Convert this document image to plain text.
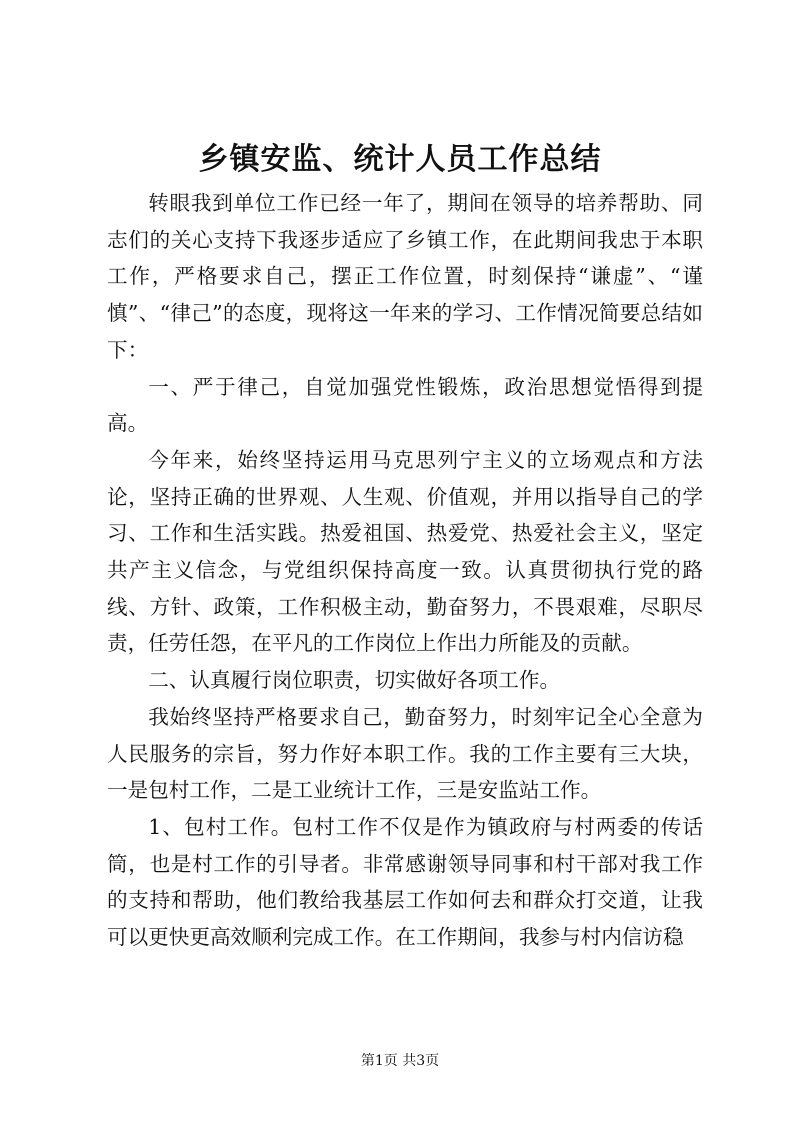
乡镇安监、统计人员工作总结

转眼我到单位工作已经一年了，期间在领导的培养帮助、同志们的关心支持下我逐步适应了乡镇工作，在此期间我忠于本职工作，严格要求自己，摆正工作位置，时刻保持“谦虚”、“谨慎”、“律己”的态度，现将这一年来的学习、工作情况简要总结如下：

一、严于律己，自觉加强党性锻炼，政治思想觉悟得到提高。

今年来，始终坚持运用马克思列宁主义的立场观点和方法论，坚持正确的世界观、人生观、价值观，并用以指导自己的学习、工作和生活实践。热爱祖国、热爱党、热爱社会主义，坚定共产主义信念，与党组织保持高度一致。认真贯彻执行党的路线、方针、政策，工作积极主动，勤奋努力，不畏艰难，尽职尽责，任劳任怨，在平凡的工作岗位上作出力所能及的贡献。

二、认真履行岗位职责，切实做好各项工作。

我始终坚持严格要求自己，勤奋努力，时刻牢记全心全意为人民服务的宗旨，努力作好本职工作。我的工作主要有三大块，一是包村工作，二是工业统计工作，三是安监站工作。

1、包村工作。包村工作不仅是作为镇政府与村两委的传话筒，也是村工作的引导者。非常感谢领导同事和村干部对我工作的支持和帮助，他们教给我基层工作如何去和群众打交道，让我可以更快更高效顺利完成工作。在工作期间，我参与村内信访稳

第1页 共3页
